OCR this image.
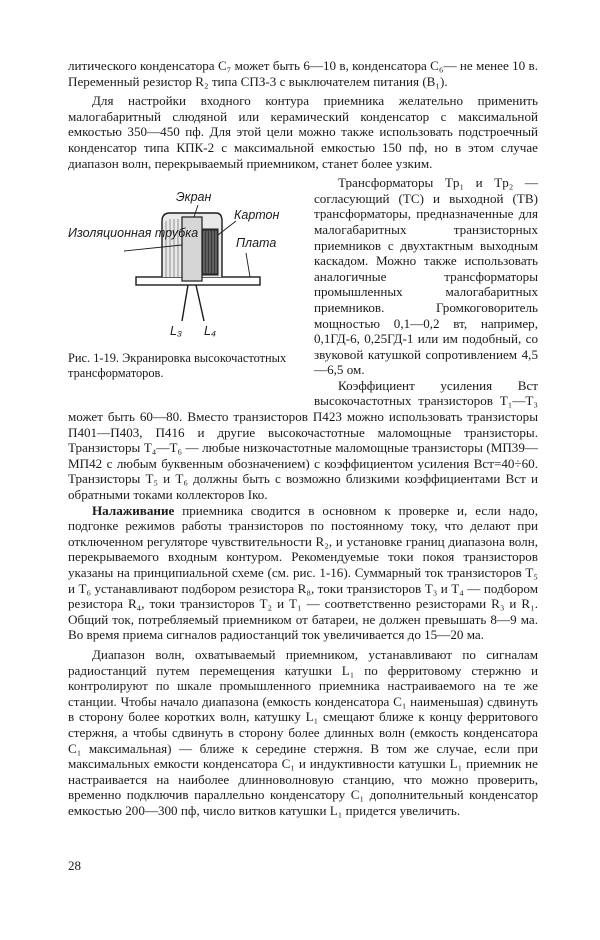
литического конденсатора C₇ может быть 6—10 в, конденсатора C₆— не менее 10 в. Переменный резистор R₂ типа СПЗ-3 с выключателем питания (B₁).

Для настройки входного контура приемника желательно применить малогабаритный слюдяной или керамический конденсатор с максимальной емкостью 350—450 пф. Для этой цели можно также использовать подстроечный конденсатор типа КПК-2 с максимальной емкостью 150 пф, но в этом случае диапазон волн, перекрываемый приемником, станет более узким.

Экран
Картон
Изоляционная трубка
Плата
L₃ L₄
Рис. 1-19. Экранировка высокочастотных трансформаторов.

Трансформаторы Tp₁ и Tp₂ — согласующий (ТС) и выходной (ТВ) трансформаторы, предназначенные для малогабаритных транзисторных приемников с двухтактным выходным каскадом. Можно также использовать аналогичные трансформаторы промышленных малогабаритных приемников. Громкоговоритель мощностью 0,1—0,2 вт, например, 0,1ГД-6, 0,25ГД-1 или им подобный, со звуковой катушкой сопротивлением 4,5—6,5 ом.

Коэффициент усиления Bст высокочастотных транзисторов T₁—T₃ может быть 60—80. Вместо транзисторов П423 можно использовать транзисторы П401—П403, П416 и другие высокочастотные маломощные транзисторы. Транзисторы T₄—T₆ — любые низкочастотные маломощные транзисторы (МП39—МП42 с любым буквенным обозначением) с коэффициентом усиления Bст=40÷60. Транзисторы T₅ и T₆ должны быть с возможно близкими коэффициентами Bст и обратными токами коллекторов Iко.

Налаживание приемника сводится в основном к проверке и, если надо, подгонке режимов работы транзисторов по постоянному току, что делают при отключенном регуляторе чувствительности R₂, и установке границ диапазона волн, перекрываемого входным контуром. Рекомендуемые токи покоя транзисторов указаны на принципиальной схеме (см. рис. 1-16). Суммарный ток транзисторов T₅ и T₆ устанавливают подбором резистора R₈, токи транзисторов T₃ и T₄ — подбором резистора R₄, токи транзисторов T₂ и T₁ — соответственно резисторами R₃ и R₁. Общий ток, потребляемый приемником от батареи, не должен превышать 8—9 ма. Во время приема сигналов радиостанций ток увеличивается до 15—20 ма.

Диапазон волн, охватываемый приемником, устанавливают по сигналам радиостанций путем перемещения катушки L₁ по ферритовому стержню и контролируют по шкале промышленного приемника настраиваемого на те же станции. Чтобы начало диапазона (емкость конденсатора C₁ наименьшая) сдвинуть в сторону более коротких волн, катушку L₁ смещают ближе к концу ферритового стержня, а чтобы сдвинуть в сторону более длинных волн (емкость конденсатора C₁ максимальная) — ближе к середине стержня. В том же случае, если при максимальных емкости конденсатора C₁ и индуктивности катушки L₁ приемник не настраивается на наиболее длинноволновую станцию, что можно проверить, временно подключив параллельно конденсатору C₁ дополнительный конденсатор емкостью 200—300 пф, число витков катушки L₁ придется увеличить.

28
